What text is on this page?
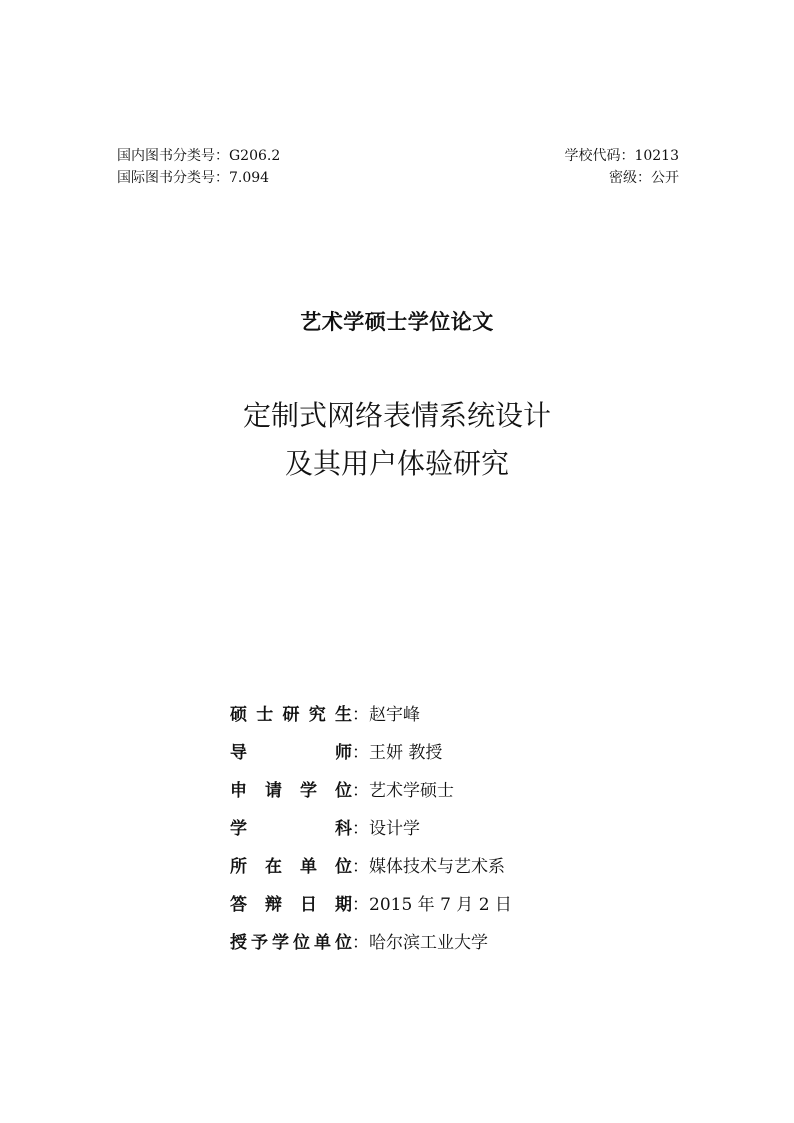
国内图书分类号：G206.2
国际图书分类号：7.094
学校代码：10213
密级：公开
艺术学硕士学位论文
定制式网络表情系统设计
及其用户体验研究
硕 士 研 究 生 ：赵宇峰
导	师 ：王妍 教授
申 请 学 位 ：艺术学硕士
学	科 ：设计学
所 在 单 位 ：媒体技术与艺术系
答 辩 日 期 ：2015 年 7 月 2 日
授 予 学 位 单 位 ：哈尔滨工业大学
